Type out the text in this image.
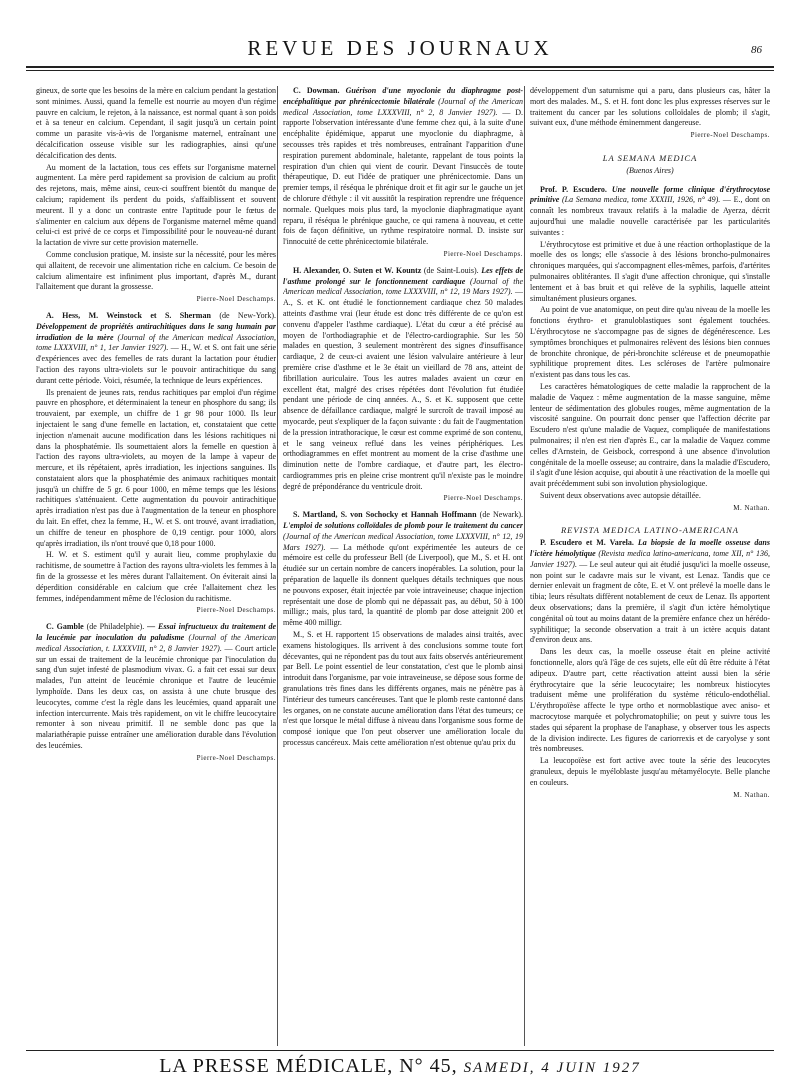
REVUE DES JOURNAUX	86

gineux, de sorte que les besoins de la mère en calcium pendant la gestation sont minimes. Aussi, quand la femelle est nourrie au moyen d'un régime pauvre en calcium, le rejeton, à la naissance, est normal quant à son poids et à sa teneur en calcium. Cependant, il sagit jusqu'à un certain point comme un parasite vis-à-vis de l'organisme maternel, entraînant une décalcification osseuse visible sur les radiographies, ainsi qu'une décalcification des dents.

Au moment de la lactation, tous ces effets sur l'organisme maternel augmentent. La mère perd rapidement sa provision de calcium au profit des rejetons, mais, même ainsi, ceux-ci souffrent bientôt du manque de calcium; rapidement ils perdent du poids, s'affaiblissent et souvent meurent. Il y a donc un contraste entre l'aptitude pour le fœtus de s'alimenter en calcium aux dépens de l'organisme maternel même quand celui-ci est privé de ce corps et l'impossibilité pour le nouveau-né durant la lactation de vivre sur cette provision maternelle.

Comme conclusion pratique, M. insiste sur la nécessité, pour les mères qui allaitent, de recevoir une alimentation riche en calcium. Ce besoin de calcium alimentaire est infiniment plus important, d'après M., durant l'allaitement que durant la grossesse.

Pierre-Noel Deschamps.

A. Hess, M. Weinstock et S. Sherman (de New-York). Développement de propriétés antirachitiques dans le sang humain par irradiation de la mère (Journal of the American medical Association, tome LXXXVIII, n° 1, 1er Janvier 1927). — H., W. et S. ont fait une série d'expériences avec des femelles de rats durant la lactation pour étudier l'action des rayons ultra-violets sur le pouvoir antirachitique du sang durant cette période. Voici, résumée, la technique de leurs expériences.

Ils prenaient de jeunes rats, rendus rachitiques par emploi d'un régime pauvre en phosphore, et déterminaient la teneur en phosphore du sang; ils trouvaient, par exemple, un chiffre de 1 gr 98 pour 1000. Ils leur injectaient le sang d'une femelle en lactation, et, constataient que cette injection n'amenait aucune modification dans les lésions rachitiques ni dans la phosphatémie. Ils soumettaient alors la femelle en question à l'action des rayons ultra-violets, au moyen de la lampe à vapeur de mercure, et ils répétaient, après irradiation, les injections sanguines. Ils constataient alors que la phosphatémie des animaux rachitiques montait jusqu'à un chiffre de 5 gr. 6 pour 1000, en même temps que les lésions rachitiques s'atténuaient. Cette augmentation du pouvoir antirachitique après irradiation n'est pas due à l'augmentation de la teneur en phosphore du lait. En effet, chez la femme, H., W. et S. ont trouvé, avant irradiation, un chiffre de teneur en phosphore de 0,19 centigr. pour 1000, alors qu'après irradiation, ils n'ont trouvé que 0,18 pour 1000.

H. W. et S. estiment qu'il y aurait lieu, comme prophylaxie du rachitisme, de soumettre à l'action des rayons ultra-violets les femmes à la fin de la grossesse et les mères durant l'allaitement. On éviterait ainsi la déperdition considérable en calcium que crée l'allaitement chez les femmes, indépendamment même de l'éclosion du rachitisme.

Pierre-Noel Deschamps.

C. Gamble (de Philadelphie). — Essai infructueux du traitement de la leucémie par inoculation du paludisme (Journal of the American medical Association, t. LXXXVIII, n° 2, 8 Janvier 1927). — Court article sur un essai de traitement de la leucémie chronique par l'inoculation du sang d'un sujet infesté de plasmodium vivax. G. a fait cet essai sur deux malades, l'un atteint de leucémie chronique et l'autre de leucémie lymphoïde. Dans les deux cas, on assista à une chute brusque des leucocytes, comme c'est la règle dans les leucémies, quand apparaît une infection intercurrente. Mais très rapidement, on vit le chiffre leucocytaire remonter à son niveau primitif. Il ne semble donc pas que la malariathérapie puisse entraîner une amélioration durable dans l'évolution des leucémies.

Pierre-Noel Deschamps.

C. Dowman. Guérison d'une myoclonie du diaphragme post-encéphalitique par phrénicectomie bilatérale (Journal of the American medical Association, tome LXXXVIII, n° 2, 8 Janvier 1927). — D. rapporte l'observation intéressante d'une femme chez qui, à la suite d'une encéphalite épidémique, apparut une myoclonie du diaphragme, à secousses très rapides et très nombreuses, entraînant l'apparition d'une respiration purement abdominale, haletante, rappelant de tous points la respiration d'un chien qui vient de courir. Devant l'insuccès de toute thérapeutique, D. eut l'idée de pratiquer une phrénicectomie. Dans un premier temps, il réséqua le phrénique droit et fit agir sur le gauche un jet de chlorure d'éthyle : il vit aussitôt la respiration reprendre une fréquence normale. Quelques mois plus tard, la myoclonie diaphragmatique ayant reparu, il réséqua le phrénique gauche, ce qui ramena à nouveau, et cette fois de façon définitive, un rythme respiratoire normal. D. insiste sur l'innocuité de cette phrénicectomie bilatérale.

Pierre-Noel Deschamps.

H. Alexander, O. Suten et W. Kountz (de Saint-Louis). Les effets de l'asthme prolongé sur le fonctionnement cardiaque (Journal of the American medical Association, tome LXXXVIII, n° 12, 19 Mars 1927). — A., S. et K. ont étudié le fonctionnement cardiaque chez 50 malades atteints d'asthme vrai (leur étude est donc très différente de ce qu'on est convenu d'appeler l'asthme cardiaque). L'état du cœur a été précisé au moyen de l'orthodiagraphie et de l'électro-cardiographie. Sur les 50 malades en question, 3 seulement montrèrent des signes d'insuffisance cardiaque, 2 de ceux-ci avaient une lésion valvulaire antérieure à leur première crise d'asthme et le 3e était un vieillard de 78 ans, atteint de fibrillation auriculaire. Tous les autres malades avaient un cœur en excellent état, malgré des crises répétées dont l'évolution fut étudiée pendant une période de cinq années. A., S. et K. supposent que cette absence de défaillance cardiaque, malgré le surcroît de travail imposé au myocarde, peut s'expliquer de la façon suivante : du fait de l'augmentation de la pression intrathoracique, le cœur est comme exprimé de son contenu, et le sang veineux reflué dans les veines périphériques. Les orthodiagrammes en effet montrent au moment de la crise d'asthme une diminution nette de l'ombre cardiaque, et d'autre part, les électro-cardiogrammes pris en pleine crise montrent qu'il n'existe pas le moindre degré de prépondérance du ventricule droit.

Pierre-Noel Deschamps.

S. Martland, S. von Sochocky et Hannah Hoffmann (de Newark). L'emploi de solutions colloïdales de plomb pour le traitement du cancer (Journal of the American medical Association, tome LXXXVIII, n° 12, 19 Mars 1927). — La méthode qu'ont expérimentée les auteurs de ce mémoire est celle du professeur Bell (de Liverpool), que M., S. et H. ont étudiée sur un certain nombre de cancers inopérables. La solution, pour la préparation de laquelle ils donnent quelques détails techniques que nous ne pouvons exposer, était injectée par voie intraveineuse; chaque injection représentait une dose de plomb qui ne dépassait pas, au début, 50 à 100 milligr.; mais, plus tard, la quantité de plomb par dose atteignit 200 et même 400 milligr.

M., S. et H. rapportent 15 observations de malades ainsi traités, avec examens histologiques. Ils arrivent à des conclusions somme toute fort décevantes, qui ne répondent pas du tout aux faits observés antérieurement par Bell. Le point essentiel de leur constatation, c'est que le plomb ainsi introduit dans l'organisme, par voie intraveineuse, se dépose sous forme de granulations très fines dans les différents organes, mais ne pénètre pas à l'intérieur des tumeurs cancéreuses. Tant que le plomb reste cantonné dans les organes, on ne constate aucune amélioration dans l'état des tumeurs; ce n'est que lorsque le métal diffuse à niveau dans l'organisme sous forme de composé ionique que l'on peut observer une amélioration locale du processus cancéreux. Mais cette amélioration n'est obtenue qu'au prix du

développement d'un saturnisme qui a paru, dans plusieurs cas, hâter la mort des malades. M., S. et H. font donc les plus expresses réserves sur le traitement du cancer par les solutions colloïdales de plomb; il s'agit, suivant eux, d'une méthode éminemment dangereuse.

Pierre-Noel Deschamps.
LA SEMANA MEDICA
(Buenos Aires)

Prof. P. Escudero. Une nouvelle forme clinique d'érythrocytose primitive (La Semana medica, tome XXXIII, 1926, n° 49). — E., dont on connaît les nombreux travaux relatifs à la maladie de Ayerza, décrit aujourd'hui une maladie nouvelle caractérisée par les particularités suivantes :

L'érythrocytose est primitive et due à une réaction orthoplastique de la moelle des os longs; elle s'associe à des lésions broncho-pulmonaires chroniques marquées, qui s'accompagnent elles-mêmes, parfois, d'artérites pulmonaires oblitérantes. Il s'agit d'une affection chronique, qui s'installe lentement et à bas bruit et qui relève de la syphilis, laquelle atteint simultanément plusieurs organes.

Au point de vue anatomique, on peut dire qu'au niveau de la moelle les fonctions érythro- et granuloblastiques sont également touchées. L'érythrocytose ne s'accompagne pas de signes de dégénérescence. Les symptômes bronchiques et pulmonaires relèvent des lésions bien connues de bronchite chronique, de péri-bronchite scléreuse et de pneumopathie syphilitique proprement dites. Les scléroses de l'artère pulmonaire n'existent pas dans tous les cas.

Les caractères hématologiques de cette maladie la rapprochent de la maladie de Vaquez : même augmentation de la masse sanguine, même lenteur de sédimentation des globules rouges, même augmentation de la viscosité sanguine. On pourrait donc penser que l'affection décrite par Escudero n'est qu'une maladie de Vaquez, compliquée de manifestations pulmonaires; il n'en est rien d'après E., car la maladie de Vaquez comme celles d'Arnstein, de Geisbock, correspond à une absence d'involution congénitale de la moelle osseuse; au contraire, dans la maladie d'Escudero, il s'agit d'une lésion acquise, qui aboutit à une réactivation de la moelle qui avait précédemment subi son involution physiologique.

Suivent deux observations avec autopsie détaillée.

M. Nathan.
REVISTA MEDICA LATINO-AMERICANA

P. Escudero et M. Varela. La biopsie de la moelle osseuse dans l'ictère hémolytique (Revista medica latino-americana, tome XII, n° 136, Janvier 1927). — Le seul auteur qui ait étudié jusqu'ici la moelle osseuse, non point sur le cadavre mais sur le vivant, est Lenaz. Tandis que ce dernier enlevait un fragment de côte, E. et V. ont prélevé la moelle dans le tibia; leurs résultats diffèrent notablement de ceux de Lenaz. Ils apportent deux observations; dans la première, il s'agit d'un ictère hémolytique congénital où tout au moins datant de la première enfance chez un hérédo-syphilitique; la seconde observation a trait à un ictère acquis datant d'environ deux ans.

Dans les deux cas, la moelle osseuse était en pleine activité fonctionnelle, alors qu'à l'âge de ces sujets, elle eût dû être réduite à l'état adipeux. D'autre part, cette réactivation atteint aussi bien la série érythrocytaire que la série leucocytaire; les nombreux histiocytes traduisent même une prolifération du système réticulo-endothélial. L'érythropoïèse affecte le type ortho et normoblastique avec aniso- et macrocytose marquée et polychromatophilie; on peut y suivre tous les stades qui séparent la prophase de l'anaphase, y observer tous les aspects de la division indirecte. Les figures de cariorrexis et de caryolyse y sont très nombreuses.

La leucopoïèse est fort active avec toute la série des leucocytes granuleux, depuis le myéloblaste jusqu'au métamyélocyte. Belle planche en couleurs.

M. Nathan.
LA PRESSE MÉDICALE, N° 45, SAMEDI, 4 JUIN 1927
